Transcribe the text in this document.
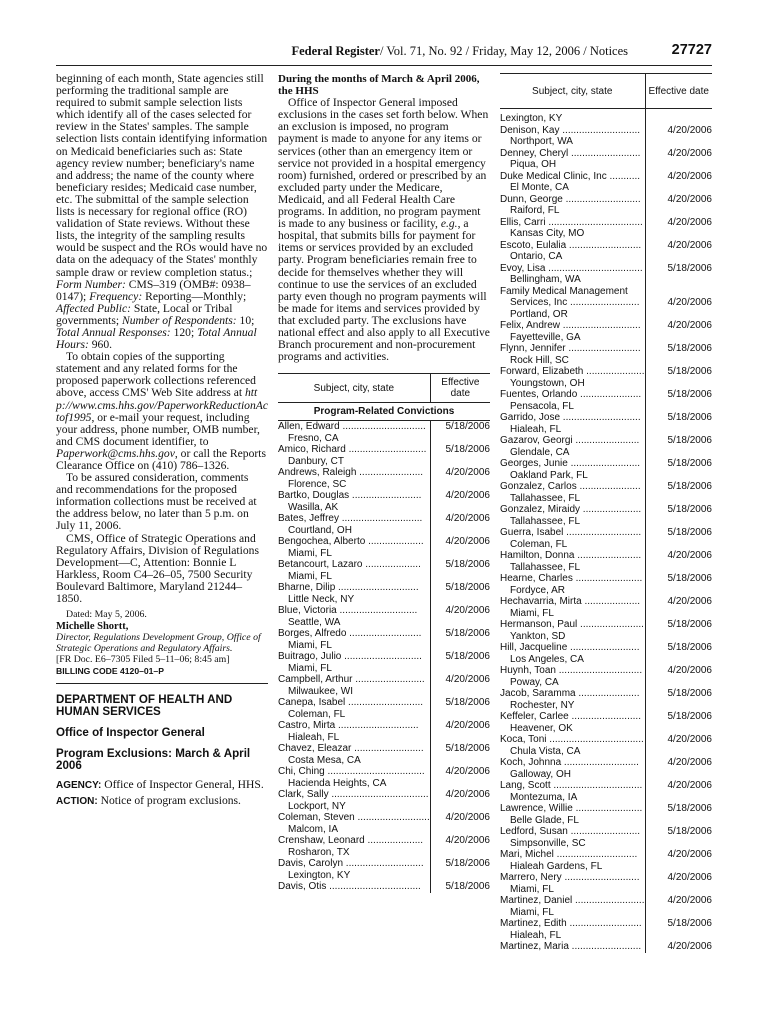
Federal Register/ Vol. 71, No. 92 / Friday, May 12, 2006 / Notices	27727

beginning of each month, State agencies still performing the traditional sample are required to submit sample selection lists which identify all of the cases selected for review in the States' samples. The sample selection lists contain identifying information on Medicaid beneficiaries such as: State agency review number; beneficiary's name and address; the name of the county where beneficiary resides; Medicaid case number, etc. The submittal of the sample selection lists is necessary for regional office (RO) validation of State reviews. Without these lists, the integrity of the sampling results would be suspect and the ROs would have no data on the adequacy of the States' monthly sample draw or review completion status.; Form Number: CMS–319 (OMB#: 0938–0147); Frequency: Reporting—Monthly; Affected Public: State, Local or Tribal governments; Number of Respondents: 10; Total Annual Responses: 120; Total Annual Hours: 960.

To obtain copies of the supporting statement and any related forms for the proposed paperwork collections referenced above, access CMS' Web Site address at http://www.cms.hhs.gov/PaperworkReductionActof1995, or e-mail your request, including your address, phone number, OMB number, and CMS document identifier, to Paperwork@cms.hhs.gov, or call the Reports Clearance Office on (410) 786–1326.

To be assured consideration, comments and recommendations for the proposed information collections must be received at the address below, no later than 5 p.m. on July 11, 2006.

CMS, Office of Strategic Operations and Regulatory Affairs, Division of Regulations Development—C, Attention: Bonnie L Harkless, Room C4–26–05, 7500 Security Boulevard Baltimore, Maryland 21244–1850.

Dated: May 5, 2006.

Michelle Shortt,

Director, Regulations Development Group, Office of Strategic Operations and Regulatory Affairs.

[FR Doc. E6–7305 Filed 5–11–06; 8:45 am]

BILLING CODE 4120–01–P

DEPARTMENT OF HEALTH AND HUMAN SERVICES

Office of Inspector General

Program Exclusions: March & April 2006

AGENCY: Office of Inspector General, HHS.

ACTION: Notice of program exclusions.

During the months of March & April 2006, the HHS

Office of Inspector General imposed exclusions in the cases set forth below. When an exclusion is imposed, no program payment is made to anyone for any items or services (other than an emergency item or service not provided in a hospital emergency room) furnished, ordered or prescribed by an excluded party under the Medicare, Medicaid, and all Federal Health Care programs. In addition, no program payment is made to any business or facility, e.g., a hospital, that submits bills for payment for items or services provided by an excluded party. Program beneficiaries remain free to decide for themselves whether they will continue to use the services of an excluded party even though no program payments will be made for items and services provided by that excluded party. The exclusions have national effect and also apply to all Executive Branch procurement and non-procurement programs and activities.

Subject, city, state	Effective date
Program-Related Convictions	

Allen, Edward ..............................
Fresno, CA	5/18/2006

Amico, Richard ............................
Danbury, CT	5/18/2006

Andrews, Raleigh .......................
Florence, SC	4/20/2006

Bartko, Douglas .........................
Wasilla, AK	4/20/2006

Bates, Jeffrey .............................
Courtland, OH	4/20/2006

Bengochea, Alberto ....................
Miami, FL	4/20/2006

Betancourt, Lazaro ....................
Miami, FL	5/18/2006

Bharne, Dilip .............................
Little Neck, NY	5/18/2006

Blue, Victoria ............................
Seattle, WA	4/20/2006

Borges, Alfredo ..........................
Miami, FL	5/18/2006

Buitrago, Julio ............................
Miami, FL	5/18/2006

Campbell, Arthur .........................
Milwaukee, WI	4/20/2006

Canepa, Isabel ...........................
Coleman, FL	5/18/2006

Castro, Mirta .............................
Hialeah, FL	4/20/2006

Chavez, Eleazar .........................
Costa Mesa, CA	5/18/2006

Chi, Ching ...................................
Hacienda Heights, CA	4/20/2006

Clark, Sally ...................................
Lockport, NY	4/20/2006

Coleman, Steven ..........................
Malcom, IA	4/20/2006

Crenshaw, Leonard ....................
Rosharon, TX	4/20/2006

Davis, Carolyn ............................
Lexington, KY	5/18/2006

Davis, Otis .................................	5/18/2006
Subject, city, state	Effective date
Lexington, KY	

Denison, Kay ............................
Northport, WA	4/20/2006

Denney, Cheryl .........................
Piqua, OH	4/20/2006

Duke Medical Clinic, Inc ...........
El Monte, CA	4/20/2006

Dunn, George ...........................
Raiford, FL	4/20/2006

Ellis, Carri ..................................
Kansas City, MO	4/20/2006

Escoto, Eulalia ..........................
Ontario, CA	4/20/2006

Evoy, Lisa ..................................
Bellingham, WA	5/18/2006

Family Medical Management
Services, Inc .........................
Portland, OR	4/20/2006

Felix, Andrew ............................
Fayetteville, GA	4/20/2006

Flynn, Jennifer ..........................
Rock Hill, SC	5/18/2006

Forward, Elizabeth .....................
Youngstown, OH	5/18/2006

Fuentes, Orlando ......................
Pensacola, FL	5/18/2006

Garrido, Jose ............................
Hialeah, FL	5/18/2006

Gazarov, Georgi .......................
Glendale, CA	5/18/2006

Georges, Junie .........................
Oakland Park, FL	5/18/2006

Gonzalez, Carlos ......................
Tallahassee, FL	5/18/2006

Gonzalez, Miraidy .....................
Tallahassee, FL	5/18/2006

Guerra, Isabel ...........................
Coleman, FL	5/18/2006

Hamilton, Donna .......................
Tallahassee, FL	4/20/2006

Hearne, Charles ........................
Fordyce, AR	5/18/2006

Hechavarria, Mirta ....................
Miami, FL	4/20/2006

Hermanson, Paul .......................
Yankton, SD	5/18/2006

Hill, Jacqueline .........................
Los Angeles, CA	5/18/2006

Huynh, Toan ..............................
Poway, CA	4/20/2006

Jacob, Saramma ......................
Rochester, NY	5/18/2006

Keffeler, Carlee .........................
Heavener, OK	5/18/2006

Koca, Toni ..................................
Chula Vista, CA	4/20/2006

Koch, Johnna ...........................
Galloway, OH	4/20/2006

Lang, Scott ................................
Montezuma, IA	4/20/2006

Lawrence, Willie ........................
Belle Glade, FL	5/18/2006

Ledford, Susan .........................
Simpsonville, SC	5/18/2006

Mari, Michel .............................
Hialeah Gardens, FL	4/20/2006

Marrero, Nery ...........................
Miami, FL	4/20/2006

Martinez, Daniel .........................
Miami, FL	4/20/2006

Martinez, Edith ..........................
Hialeah, FL	5/18/2006

Martinez, Maria .........................	4/20/2006
